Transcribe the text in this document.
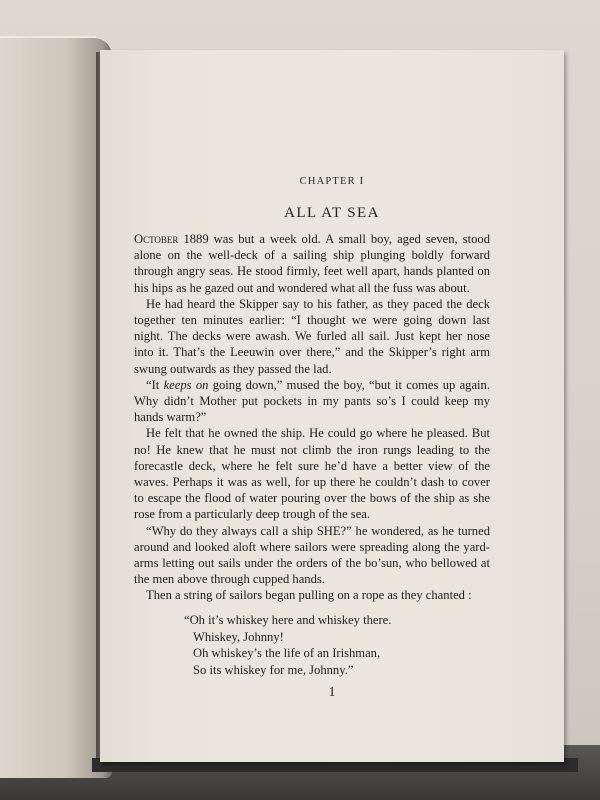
CHAPTER I
ALL AT SEA

October 1889 was but a week old. A small boy, aged seven, stood alone on the well-deck of a sailing ship plunging boldly forward through angry seas. He stood firmly, feet well apart, hands planted on his hips as he gazed out and wondered what all the fuss was about.

He had heard the Skipper say to his father, as they paced the deck together ten minutes earlier: “I thought we were going down last night. The decks were awash. We furled all sail. Just kept her nose into it. That’s the Leeuwin over there,” and the Skipper’s right arm swung outwards as they passed the lad.

“It keeps on going down,” mused the boy, “but it comes up again. Why didn’t Mother put pockets in my pants so’s I could keep my hands warm?”

He felt that he owned the ship. He could go where he pleased. But no! He knew that he must not climb the iron rungs leading to the forecastle deck, where he felt sure he’d have a better view of the waves. Perhaps it was as well, for up there he couldn’t dash to cover to escape the flood of water pouring over the bows of the ship as she rose from a particularly deep trough of the sea.

“Why do they always call a ship SHE?” he wondered, as he turned around and looked aloft where sailors were spreading along the yard-arms letting out sails under the orders of the bo’sun, who bellowed at the men above through cupped hands.

Then a string of sailors began pulling on a rope as they chanted :

“Oh it’s whiskey here and whiskey there.
Whiskey, Johnny!
Oh whiskey’s the life of an Irishman,
So its whiskey for me, Johnny.”
1
